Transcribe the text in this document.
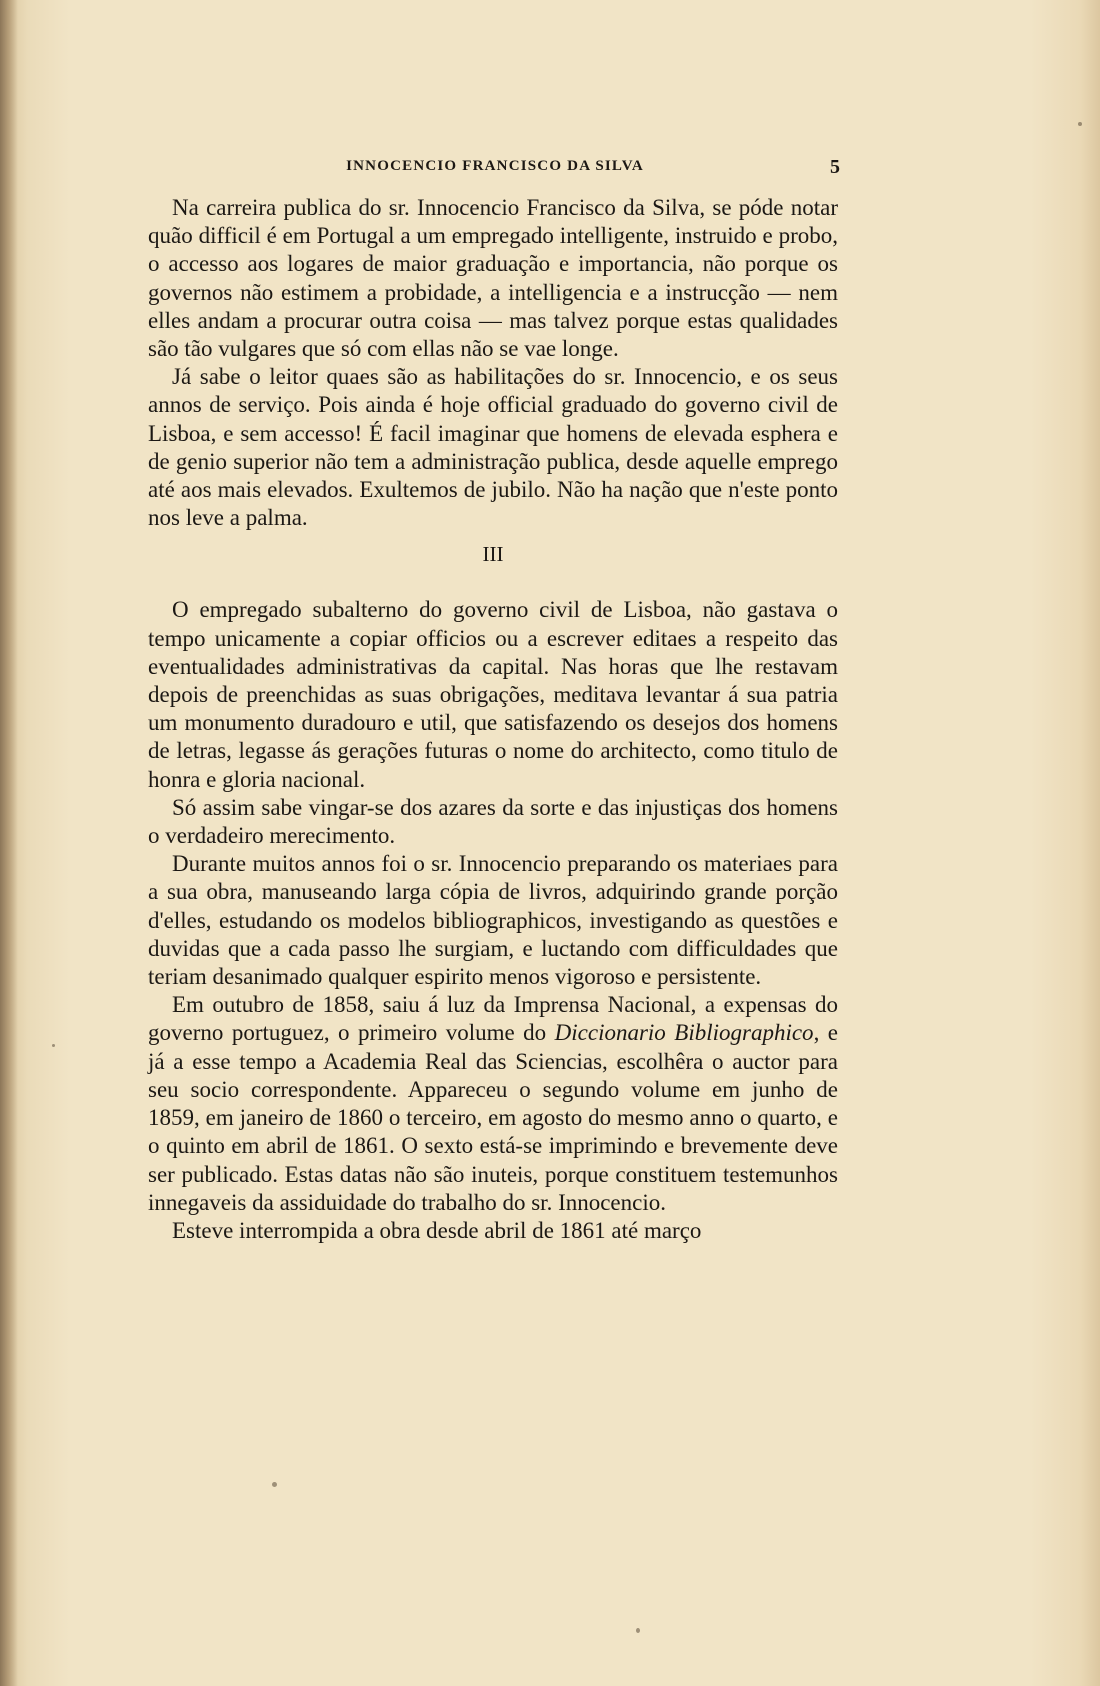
INNOCENCIO FRANCISCO DA SILVA	5

Na carreira publica do sr. Innocencio Francisco da Silva, se póde notar quão difficil é em Portugal a um empregado intelligente, instruido e probo, o accesso aos logares de maior graduação e importancia, não porque os governos não estimem a probidade, a intelligencia e a instrucção — nem elles andam a procurar outra coisa — mas talvez porque estas qualidades são tão vulgares que só com ellas não se vae longe.

Já sabe o leitor quaes são as habilitações do sr. Innocencio, e os seus annos de serviço. Pois ainda é hoje official graduado do governo civil de Lisboa, e sem accesso! É facil imaginar que homens de elevada esphera e de genio superior não tem a administração publica, desde aquelle emprego até aos mais elevados. Exultemos de jubilo. Não ha nação que n'este ponto nos leve a palma.

III

O empregado subalterno do governo civil de Lisboa, não gastava o tempo unicamente a copiar officios ou a escrever editaes a respeito das eventualidades administrativas da capital. Nas horas que lhe restavam depois de preenchidas as suas obrigações, meditava levantar á sua patria um monumento duradouro e util, que satisfazendo os desejos dos homens de letras, legasse ás gerações futuras o nome do architecto, como titulo de honra e gloria nacional.

Só assim sabe vingar-se dos azares da sorte e das injustiças dos homens o verdadeiro merecimento.

Durante muitos annos foi o sr. Innocencio preparando os materiaes para a sua obra, manuseando larga cópia de livros, adquirindo grande porção d'elles, estudando os modelos bibliographicos, investigando as questões e duvidas que a cada passo lhe surgiam, e luctando com difficuldades que teriam desanimado qualquer espirito menos vigoroso e persistente.

Em outubro de 1858, saiu á luz da Imprensa Nacional, a expensas do governo portuguez, o primeiro volume do Diccionario Bibliographico, e já a esse tempo a Academia Real das Sciencias, escolhêra o auctor para seu socio correspondente. Appareceu o segundo volume em junho de 1859, em janeiro de 1860 o terceiro, em agosto do mesmo anno o quarto, e o quinto em abril de 1861. O sexto está-se imprimindo e brevemente deve ser publicado. Estas datas não são inuteis, porque constituem testemunhos innegaveis da assiduidade do trabalho do sr. Innocencio.

Esteve interrompida a obra desde abril de 1861 até março
